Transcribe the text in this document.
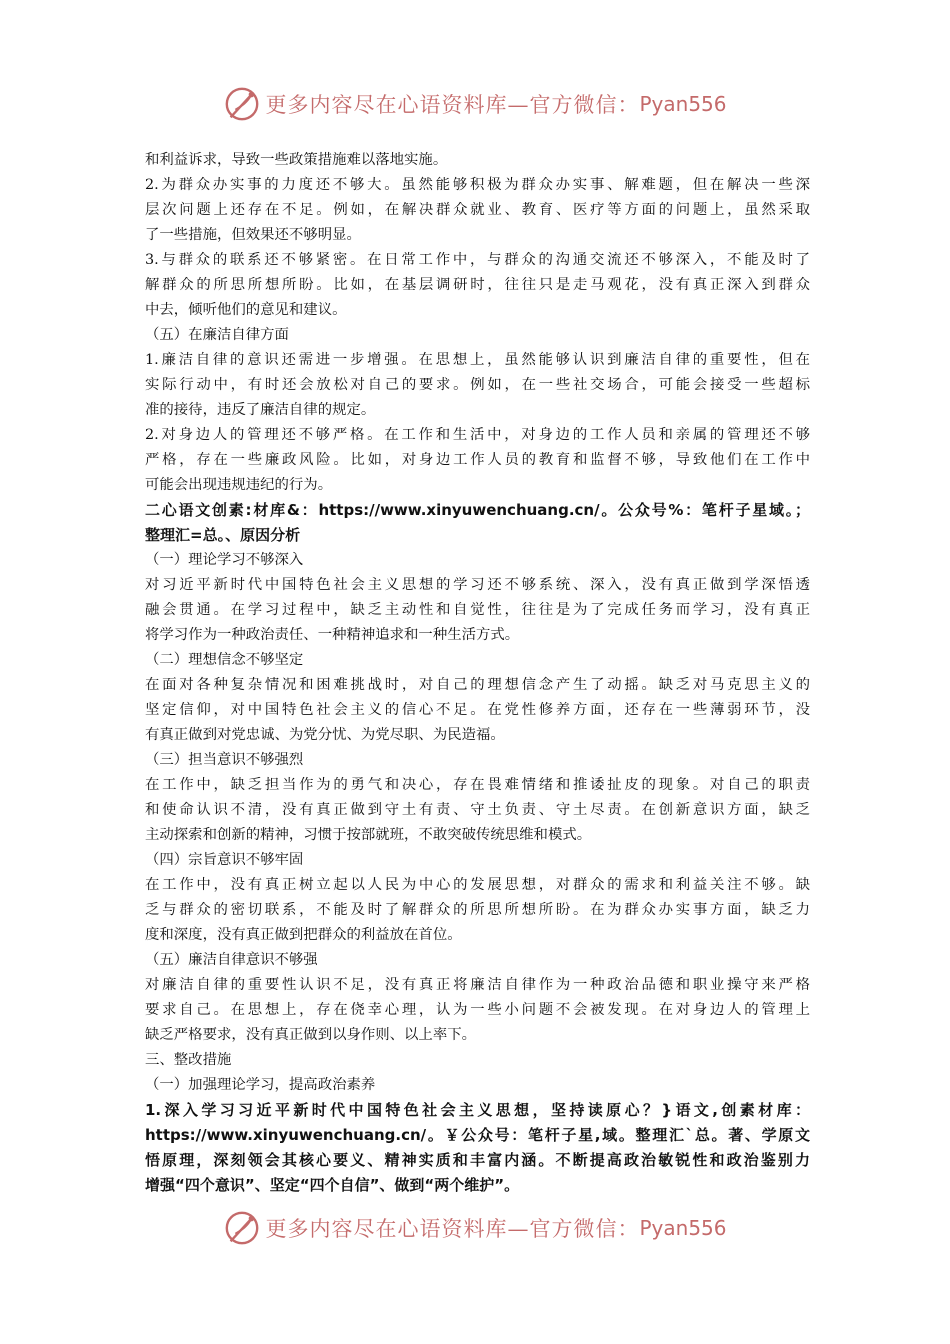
更多内容尽在心语资料库—官方微信： Pyan556
和利益诉求，导致一些政策措施难以落地实施。
2.为群众办实事的力度还不够大。虽然能够积极为群众办实事、解难题，但在解决一些深
层次问题上还存在不足。例如，在解决群众就业、教育、医疗等方面的问题上，虽然采取
了一些措施，但效果还不够明显。
3.与群众的联系还不够紧密。在日常工作中，与群众的沟通交流还不够深入，不能及时了
解群众的所思所想所盼。比如，在基层调研时，往往只是走马观花，没有真正深入到群众
中去，倾听他们的意见和建议。
（五）在廉洁自律方面
1.廉洁自律的意识还需进一步增强。在思想上，虽然能够认识到廉洁自律的重要性，但在
实际行动中，有时还会放松对自己的要求。例如，在一些社交场合，可能会接受一些超标
准的接待，违反了廉洁自律的规定。
2.对身边人的管理还不够严格。在工作和生活中，对身边的工作人员和亲属的管理还不够
严格，存在一些廉政风险。比如，对身边工作人员的教育和监督不够，导致他们在工作中
可能会出现违规违纪的行为。
二心语文创素:材库&：https://www.xinyuwenchuang.cn/。公众号%：笔杆子星域。；
整理汇=总。、原因分析
（一）理论学习不够深入
对习近平新时代中国特色社会主义思想的学习还不够系统、深入，没有真正做到学深悟透
融会贯通。在学习过程中，缺乏主动性和自觉性，往往是为了完成任务而学习，没有真正
将学习作为一种政治责任、一种精神追求和一种生活方式。
（二）理想信念不够坚定
在面对各种复杂情况和困难挑战时，对自己的理想信念产生了动摇。缺乏对马克思主义的
坚定信仰，对中国特色社会主义的信心不足。在党性修养方面，还存在一些薄弱环节，没
有真正做到对党忠诚、为党分忧、为党尽职、为民造福。
（三）担当意识不够强烈
在工作中，缺乏担当作为的勇气和决心，存在畏难情绪和推诿扯皮的现象。对自己的职责
和使命认识不清，没有真正做到守土有责、守土负责、守土尽责。在创新意识方面，缺乏
主动探索和创新的精神，习惯于按部就班，不敢突破传统思维和模式。
（四）宗旨意识不够牢固
在工作中，没有真正树立起以人民为中心的发展思想，对群众的需求和利益关注不够。缺
乏与群众的密切联系，不能及时了解群众的所思所想所盼。在为群众办实事方面，缺乏力
度和深度，没有真正做到把群众的利益放在首位。
（五）廉洁自律意识不够强
对廉洁自律的重要性认识不足，没有真正将廉洁自律作为一种政治品德和职业操守来严格
要求自己。在思想上，存在侥幸心理，认为一些小问题不会被发现。在对身边人的管理上
缺乏严格要求，没有真正做到以身作则、以上率下。
三、整改措施
（一）加强理论学习，提高政治素养
1.深入学习习近平新时代中国特色社会主义思想，坚持读原心？}语文,创素材库：
https://www.xinyuwenchuang.cn/。￥公众号：笔杆子星,域。整理汇`总。著、学原文
悟原理，深刻领会其核心要义、精神实质和丰富内涵。不断提高政治敏锐性和政治鉴别力
增强“四个意识”、坚定“四个自信”、做到“两个维护”。
更多内容尽在心语资料库—官方微信： Pyan556
